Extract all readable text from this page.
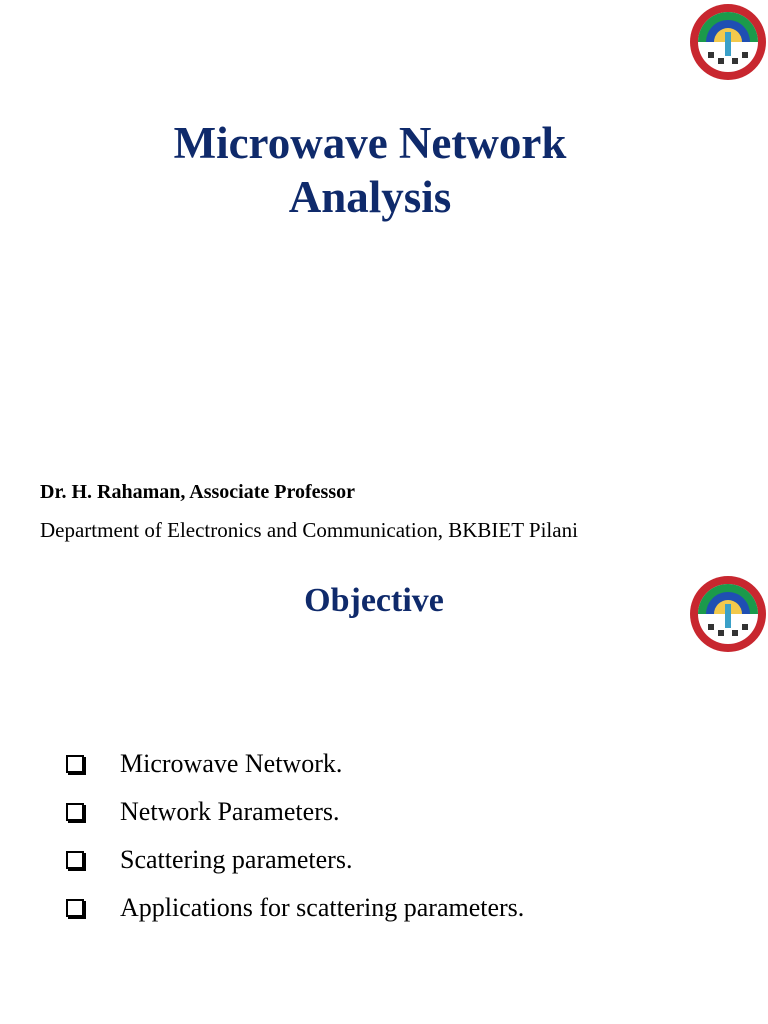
Microwave Network
Analysis

Dr. H. Rahaman, Associate Professor

Department of Electronics and Communication, BKBIET Pilani

Objective
Microwave Network.
Network Parameters.
Scattering parameters.
Applications for scattering parameters.
